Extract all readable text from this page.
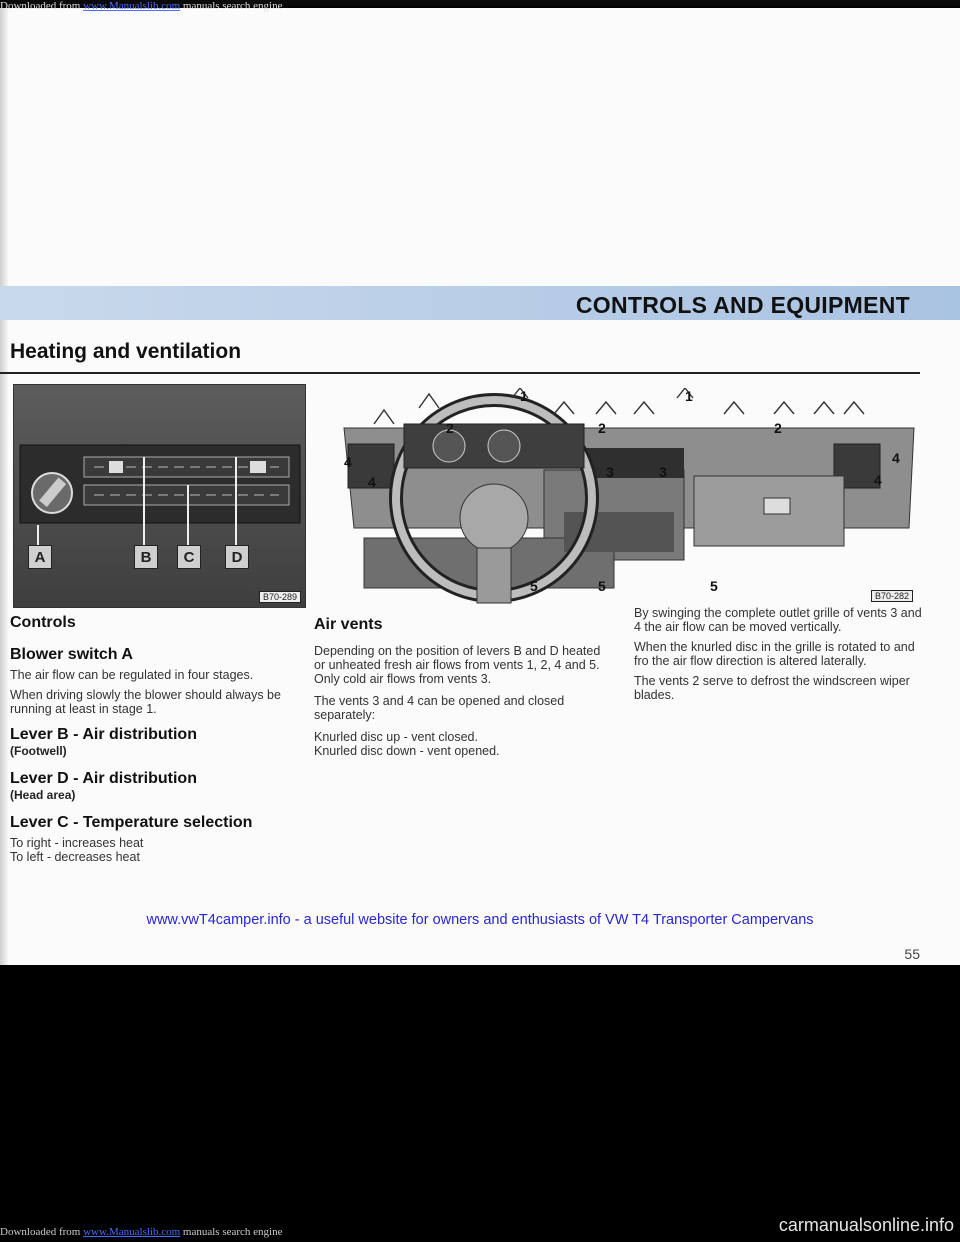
CONTROLS AND EQUIPMENT
Heating and ventilation
A	B	C	D
B70-289
1	1
2	2	2
3	3
4
4
4
4
5	5	5
B70-282
Controls
Blower switch A

The air flow can be regulated in four stages.

When driving slowly the blower should always be running at least in stage 1.

Lever B - Air distribution
(Footwell)
Lever D - Air distribution
(Head area)
Lever C - Temperature selection

To right - increases heat

To left - decreases heat

Air vents

Depending on the position of levers B and D heated or unheated fresh air flows from vents 1, 2, 4 and 5.

Only cold air flows from vents 3.

The vents 3 and 4 can be opened and closed separately:

Knurled disc up - vent closed.

Knurled disc down - vent opened.

By swinging the complete outlet grille of vents 3 and 4 the air flow can be moved vertically.

When the knurled disc in the grille is rotated to and fro the air flow direction is altered laterally.

The vents 2 serve to defrost the windscreen wiper blades.

www.vwT4camper.info - a useful website for owners and enthusiasts of VW T4 Transporter Campervans
55
Downloaded from www.Manualslib.com manuals search engine
Downloaded from www.Manualslib.com manuals search engine	carmanualsonline.info
